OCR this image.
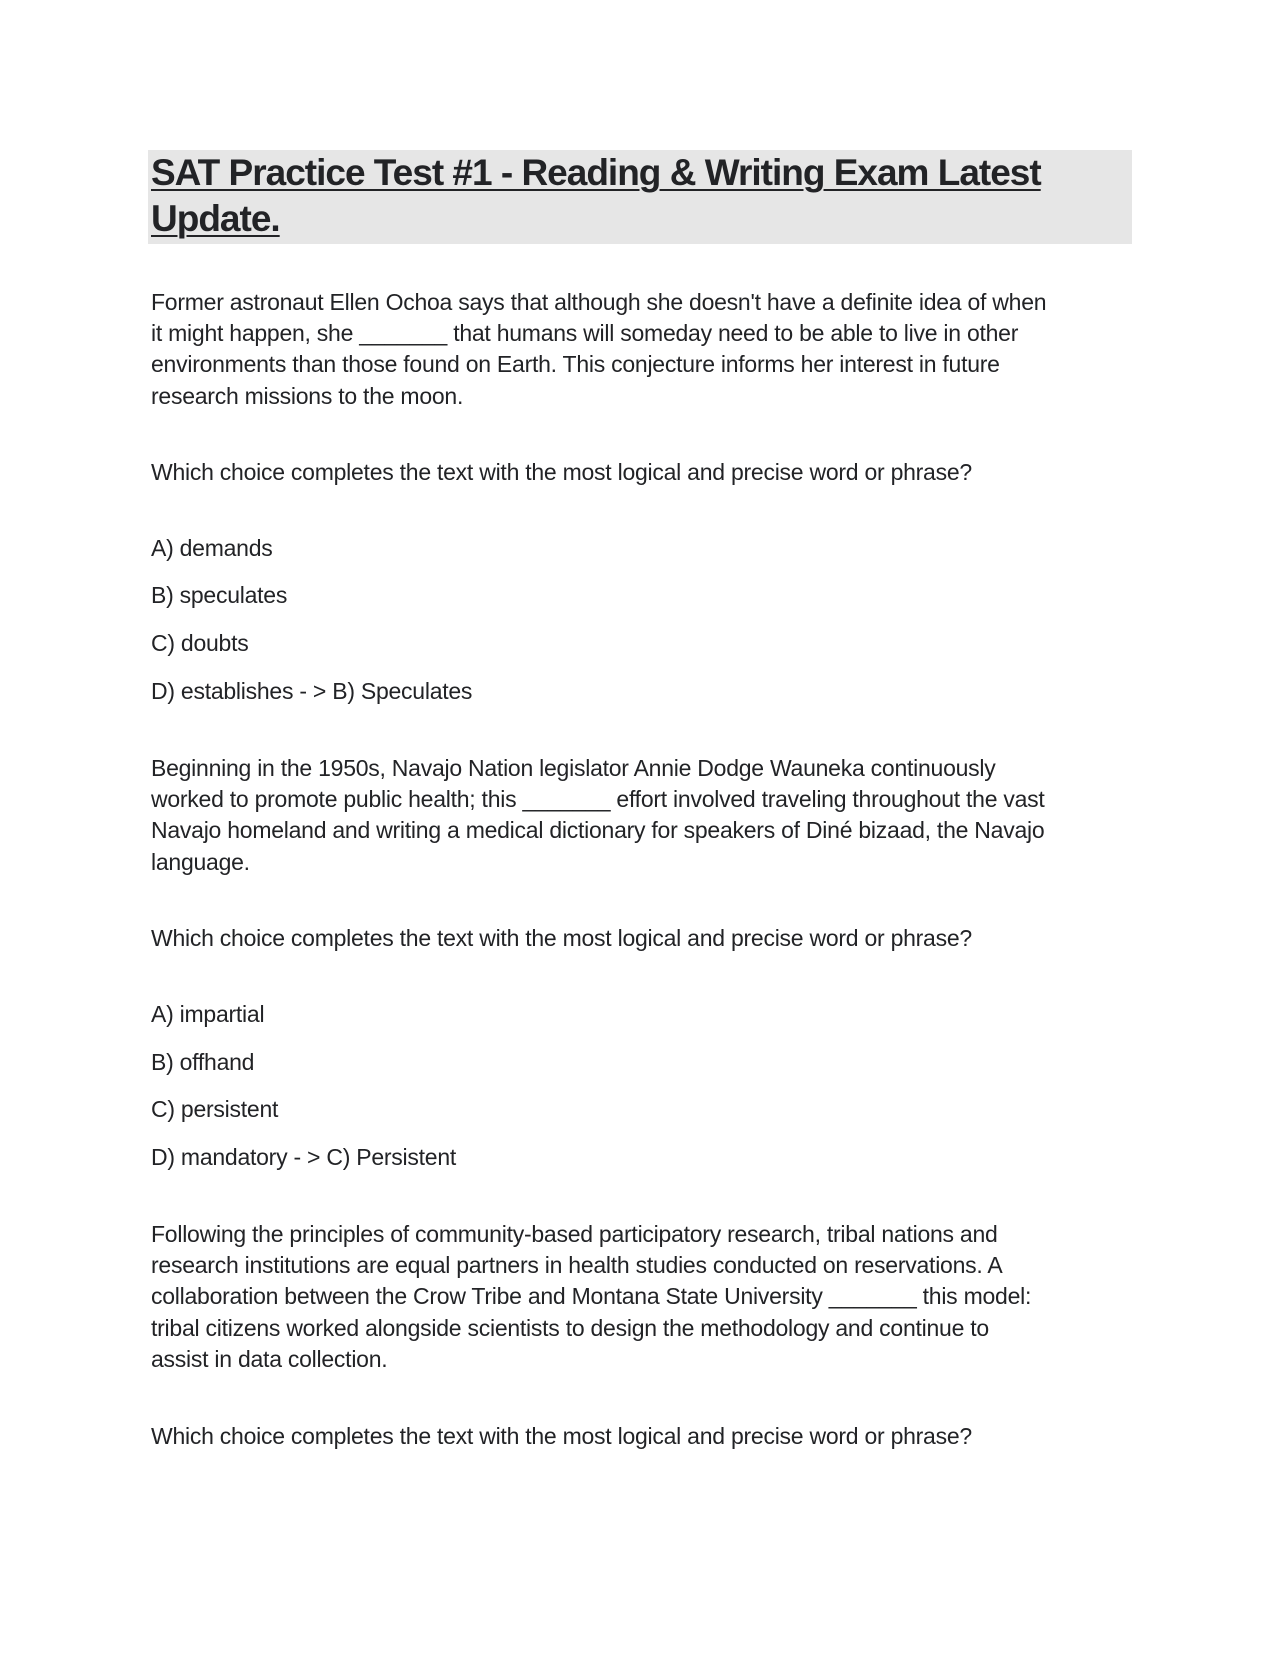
SAT Practice Test #1 - Reading & Writing Exam Latest Update.

Former astronaut Ellen Ochoa says that although she doesn't have a definite idea of when
it might happen, she _______ that humans will someday need to be able to live in other
environments than those found on Earth. This conjecture informs her interest in future
research missions to the moon.

Which choice completes the text with the most logical and precise word or phrase?

A) demands

B) speculates

C) doubts

D) establishes - > B) Speculates

Beginning in the 1950s, Navajo Nation legislator Annie Dodge Wauneka continuously
worked to promote public health; this _______ effort involved traveling throughout the vast
Navajo homeland and writing a medical dictionary for speakers of Diné bizaad, the Navajo
language.

Which choice completes the text with the most logical and precise word or phrase?

A) impartial

B) offhand

C) persistent

D) mandatory - > C) Persistent

Following the principles of community-based participatory research, tribal nations and
research institutions are equal partners in health studies conducted on reservations. A
collaboration between the Crow Tribe and Montana State University _______ this model:
tribal citizens worked alongside scientists to design the methodology and continue to
assist in data collection.

Which choice completes the text with the most logical and precise word or phrase?
